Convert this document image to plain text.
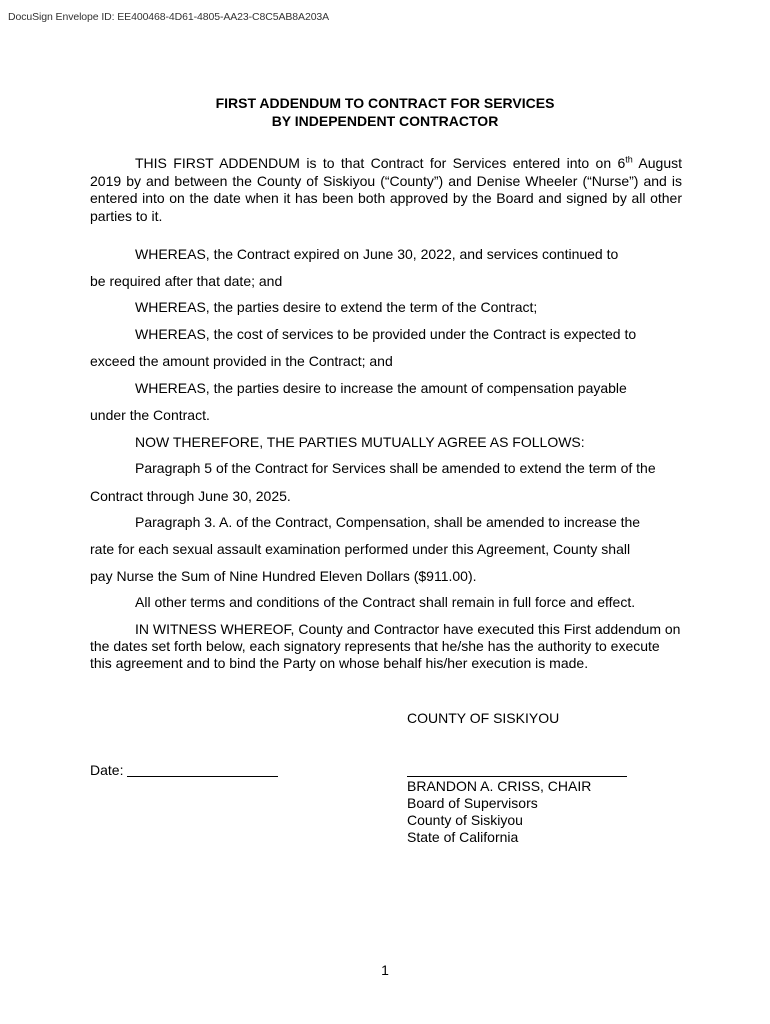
DocuSign Envelope ID: EE400468-4D61-4805-AA23-C8C5AB8A203A
FIRST ADDENDUM TO CONTRACT FOR SERVICES
BY INDEPENDENT CONTRACTOR
THIS FIRST ADDENDUM is to that Contract for Services entered into on 6th August 2019 by and between the County of Siskiyou (“County”) and Denise Wheeler (“Nurse”) and is entered into on the date when it has been both approved by the Board and signed by all other parties to it.
WHEREAS, the Contract expired on June 30, 2022, and services continued to
be required after that date; and
WHEREAS, the parties desire to extend the term of the Contract;
WHEREAS, the cost of services to be provided under the Contract is expected to
exceed the amount provided in the Contract; and
WHEREAS, the parties desire to increase the amount of compensation payable
under the Contract.
NOW THEREFORE, THE PARTIES MUTUALLY AGREE AS FOLLOWS:
Paragraph 5 of the Contract for Services shall be amended to extend the term of the
Contract through June 30, 2025.
Paragraph 3. A. of the Contract, Compensation, shall be amended to increase the
rate for each sexual assault examination performed under this Agreement, County shall
pay Nurse the Sum of Nine Hundred Eleven Dollars ($911.00).
All other terms and conditions of the Contract shall remain in full force and effect.
IN WITNESS WHEREOF, County and Contractor have executed this First addendum on the dates set forth below, each signatory represents that he/she has the authority to execute this agreement and to bind the Party on whose behalf his/her execution is made.
COUNTY OF SISKIYOU
Date:
BRANDON A. CRISS, CHAIR
Board of Supervisors
County of Siskiyou
State of California
1
